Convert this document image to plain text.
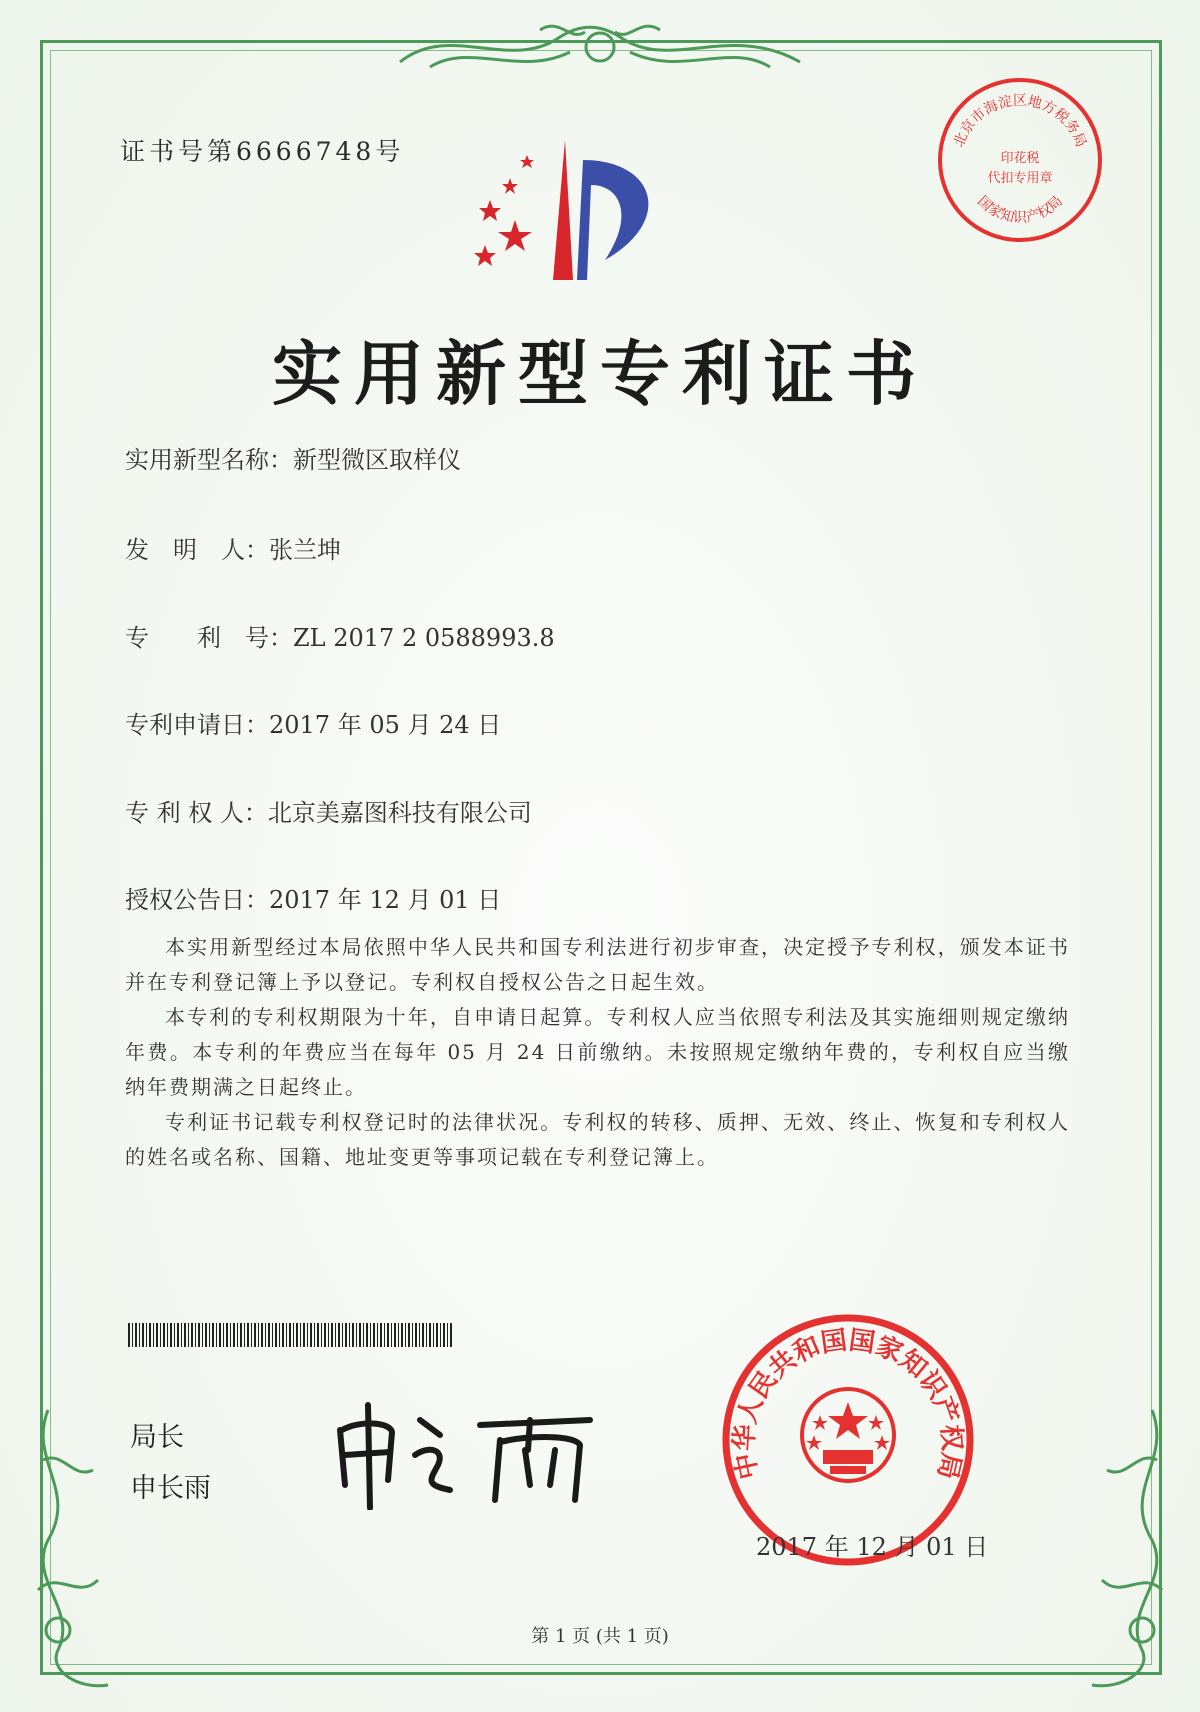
证书号第6666748号	北京市海淀区地方税务局
印花税
代扣专用章
国家知识产权局
实用新型专利证书
实用新型名称：新型微区取样仪
发　明　人：张兰坤
专　　利　号：ZL 2017 2 0588993.8
专利申请日：2017 年 05 月 24 日
专 利 权 人：北京美嘉图科技有限公司
授权公告日：2017 年 12 月 01 日

本实用新型经过本局依照中华人民共和国专利法进行初步审查，决定授予专利权，颁发本证书并在专利登记簿上予以登记。专利权自授权公告之日起生效。

本专利的专利权期限为十年，自申请日起算。专利权人应当依照专利法及其实施细则规定缴纳年费。本专利的年费应当在每年 05 月 24 日前缴纳。未按照规定缴纳年费的，专利权自应当缴纳年费期满之日起终止。

专利证书记载专利权登记时的法律状况。专利权的转移、质押、无效、终止、恢复和专利权人的姓名或名称、国籍、地址变更等事项记载在专利登记簿上。

局长
申长雨
中华人民共和国国家知识产权局
2017 年 12 月 01 日
第 1 页 (共 1 页)
